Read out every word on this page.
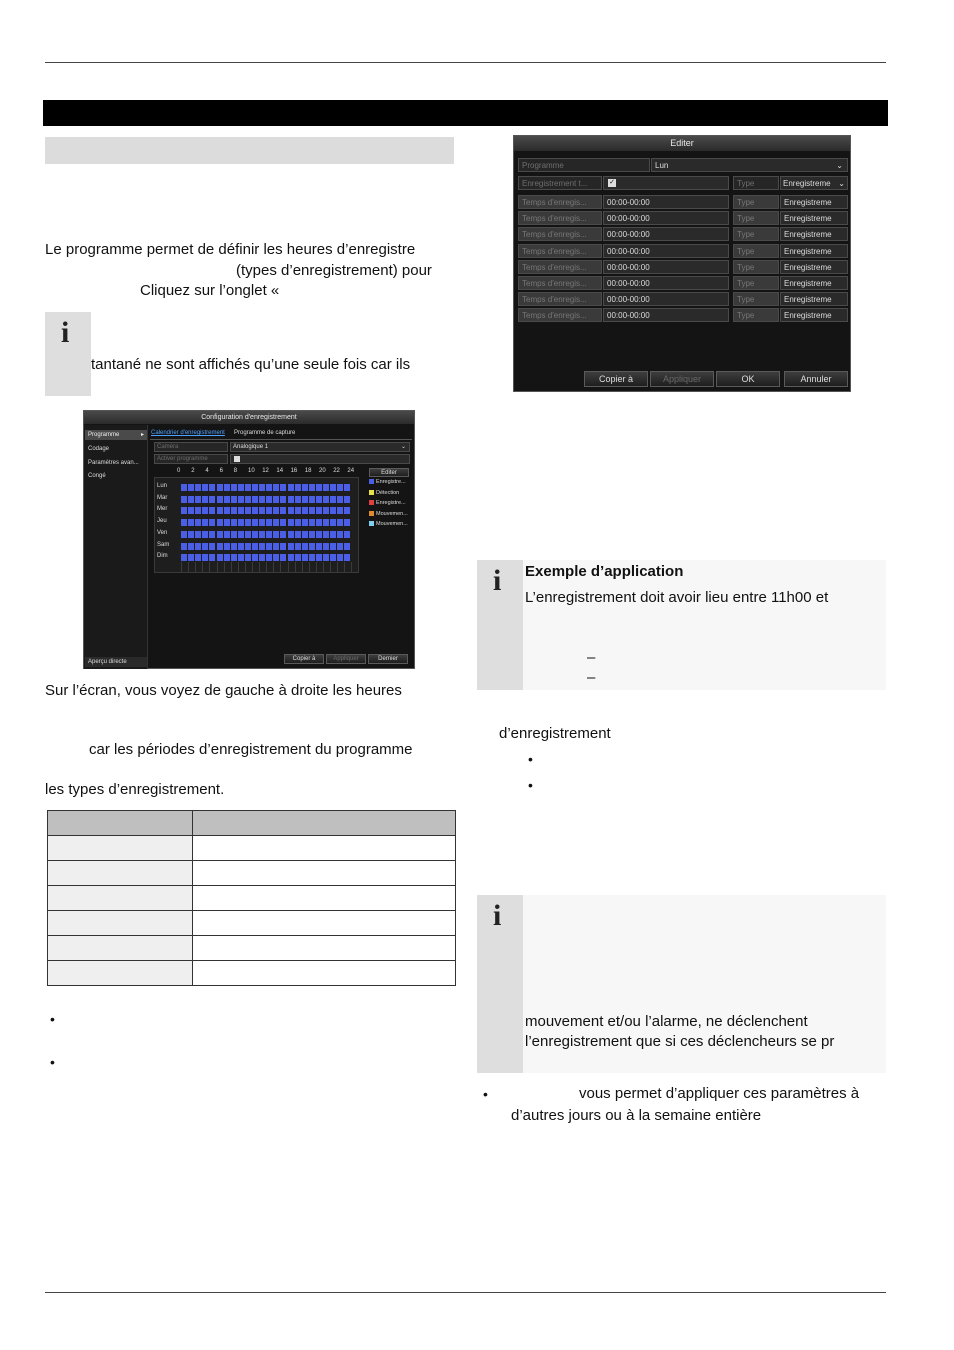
Le programme permet de définir les heures d’enregistre
(types d’enregistrement) pour
Cliquez sur l’onglet «
i
tantané ne sont affichés qu’une seule fois car ils
Configuration d'enregistrement
Programme	▸
Codage
Paramètres avan...
Congé
Aperçu directe
Calendrier d'enregistrement Programme de capture
Caméra	Analogique 1	⌄
Activer programme
0 2 4 6 8 10 12 14 16 18 20 22 24
Lun
Mar
Mer
Jeu
Ven
Sam
Dim
Editer
Enregistre...
Détection
Enregistre...
Mouvemen...
Mouvemen...
Copier à	Appliquer	Dernier
Sur l’écran, vous voyez de gauche à droite les heures
car les périodes d’enregistrement du programme
les types d’enregistrement.

•
•
Editer
Programme	Lun	⌄
Enregistrement t...	✓	Type	Enregistreme ⌄
Temps d'enregis...	00:00-00:00	Type	Enregistreme
Temps d'enregis...	00:00-00:00	Type	Enregistreme
Temps d'enregis...	00:00-00:00	Type	Enregistreme
Temps d'enregis...	00:00-00:00	Type	Enregistreme
Temps d'enregis...	00:00-00:00	Type	Enregistreme
Temps d'enregis...	00:00-00:00	Type	Enregistreme
Temps d'enregis...	00:00-00:00	Type	Enregistreme
Temps d'enregis...	00:00-00:00	Type	Enregistreme
Copier à	Appliquer	OK	Annuler
i Exemple d’application
L’enregistrement doit avoir lieu entre 11h00 et
–
–
d’enregistrement
•
•
i
mouvement et/ou l’alarme, ne déclenchent
l’enregistrement que si ces déclencheurs se pr
•	vous permet d’appliquer ces paramètres à
d’autres jours ou à la semaine entière
